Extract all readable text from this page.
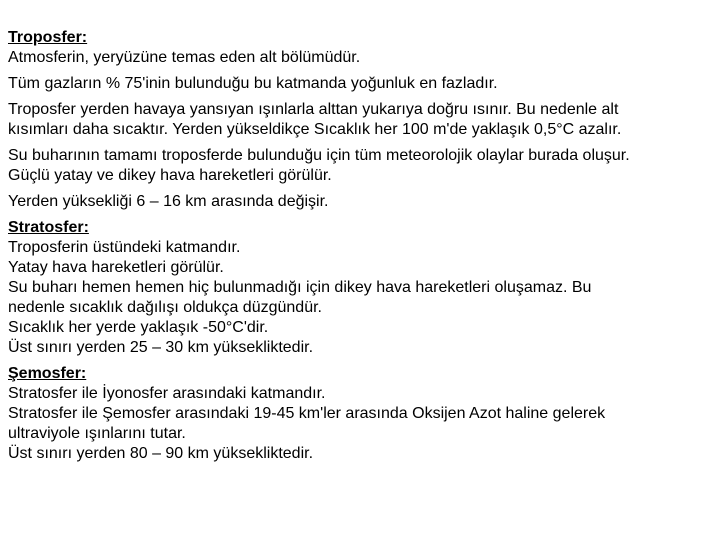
Troposfer:
Atmosferin, yeryüzüne temas eden alt bölümüdür.
Tüm gazların % 75'inin bulunduğu bu katmanda yoğunluk en fazladır.
Troposfer yerden havaya yansıyan ışınlarla alttan yukarıya doğru ısınır. Bu nedenle alt
kısımları daha sıcaktır. Yerden yükseldikçe Sıcaklık her 100 m'de yaklaşık 0,5°C azalır.
Su buharının tamamı troposferde bulunduğu için tüm meteorolojik olaylar burada oluşur.
Güçlü yatay ve dikey hava hareketleri görülür.
Yerden yüksekliği 6 – 16 km arasında değişir.
Stratosfer:
Troposferin üstündeki katmandır.
Yatay hava hareketleri görülür.
Su buharı hemen hemen hiç bulunmadığı için dikey hava hareketleri oluşamaz. Bu
nedenle sıcaklık dağılışı oldukça düzgündür.
Sıcaklık her yerde yaklaşık -50°C'dir.
Üst sınırı yerden 25 – 30 km yüksekliktedir.
Şemosfer:
Stratosfer ile İyonosfer arasındaki katmandır.
Stratosfer ile Şemosfer arasındaki 19-45 km'ler arasında Oksijen Azot haline gelerek
ultraviyole ışınlarını tutar.
Üst sınırı yerden 80 – 90 km yüksekliktedir.
